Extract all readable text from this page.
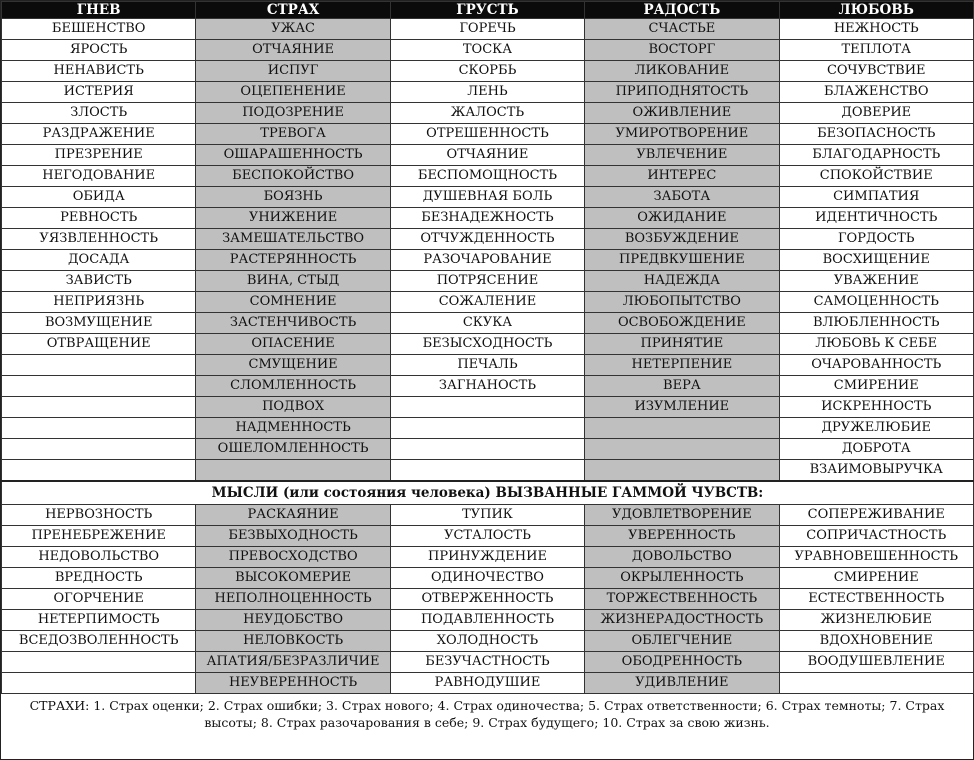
ГНЕВ	СТРАХ	ГРУСТЬ	РАДОСТЬ	ЛЮБОВЬ
БЕШЕНСТВО	УЖАС	ГОРЕЧЬ	СЧАСТЬЕ	НЕЖНОСТЬ
ЯРОСТЬ	ОТЧАЯНИЕ	ТОСКА	ВОСТОРГ	ТЕПЛОТА
НЕНАВИСТЬ	ИСПУГ	СКОРБЬ	ЛИКОВАНИЕ	СОЧУВСТВИЕ
ИСТЕРИЯ	ОЦЕПЕНЕНИЕ	ЛЕНЬ	ПРИПОДНЯТОСТЬ	БЛАЖЕНСТВО
ЗЛОСТЬ	ПОДОЗРЕНИЕ	ЖАЛОСТЬ	ОЖИВЛЕНИЕ	ДОВЕРИЕ
РАЗДРАЖЕНИЕ	ТРЕВОГА	ОТРЕШЕННОСТЬ	УМИРОТВОРЕНИЕ	БЕЗОПАСНОСТЬ
ПРЕЗРЕНИЕ	ОШАРАШЕННОСТЬ	ОТЧАЯНИЕ	УВЛЕЧЕНИЕ	БЛАГОДАРНОСТЬ
НЕГОДОВАНИЕ	БЕСПОКОЙСТВО	БЕСПОМОЩНОСТЬ	ИНТЕРЕС	СПОКОЙСТВИЕ
ОБИДА	БОЯЗНЬ	ДУШЕВНАЯ БОЛЬ	ЗАБОТА	СИМПАТИЯ
РЕВНОСТЬ	УНИЖЕНИЕ	БЕЗНАДЕЖНОСТЬ	ОЖИДАНИЕ	ИДЕНТИЧНОСТЬ
УЯЗВЛЕННОСТЬ	ЗАМЕШАТЕЛЬСТВО	ОТЧУЖДЕННОСТЬ	ВОЗБУЖДЕНИЕ	ГОРДОСТЬ
ДОСАДА	РАСТЕРЯННОСТЬ	РАЗОЧАРОВАНИЕ	ПРЕДВКУШЕНИЕ	ВОСХИЩЕНИЕ
ЗАВИСТЬ	ВИНА, СТЫД	ПОТРЯСЕНИЕ	НАДЕЖДА	УВАЖЕНИЕ
НЕПРИЯЗНЬ	СОМНЕНИЕ	СОЖАЛЕНИЕ	ЛЮБОПЫТСТВО	САМОЦЕННОСТЬ
ВОЗМУЩЕНИЕ	ЗАСТЕНЧИВОСТЬ	СКУКА	ОСВОБОЖДЕНИЕ	ВЛЮБЛЕННОСТЬ
ОТВРАЩЕНИЕ	ОПАСЕНИЕ	БЕЗЫСХОДНОСТЬ	ПРИНЯТИЕ	ЛЮБОВЬ К СЕБЕ
	СМУЩЕНИЕ	ПЕЧАЛЬ	НЕТЕРПЕНИЕ	ОЧАРОВАННОСТЬ
	СЛОМЛЕННОСТЬ	ЗАГНАНОСТЬ	ВЕРА	СМИРЕНИЕ
	ПОДВОХ		ИЗУМЛЕНИЕ	ИСКРЕННОСТЬ
	НАДМЕННОСТЬ			ДРУЖЕЛЮБИЕ
	ОШЕЛОМЛЕННОСТЬ			ДОБРОТА
				ВЗАИМОВЫРУЧКА
МЫСЛИ (или состояния человека) ВЫЗВАННЫЕ ГАММОЙ ЧУВСТВ:				
НЕРВОЗНОСТЬ	РАСКАЯНИЕ	ТУПИК	УДОВЛЕТВОРЕНИЕ	СОПЕРЕЖИВАНИЕ
ПРЕНЕБРЕЖЕНИЕ	БЕЗВЫХОДНОСТЬ	УСТАЛОСТЬ	УВЕРЕННОСТЬ	СОПРИЧАСТНОСТЬ
НЕДОВОЛЬСТВО	ПРЕВОСХОДСТВО	ПРИНУЖДЕНИЕ	ДОВОЛЬСТВО	УРАВНОВЕШЕННОСТЬ
ВРЕДНОСТЬ	ВЫСОКОМЕРИЕ	ОДИНОЧЕСТВО	ОКРЫЛЕННОСТЬ	СМИРЕНИЕ
ОГОРЧЕНИЕ	НЕПОЛНОЦЕННОСТЬ	ОТВЕРЖЕННОСТЬ	ТОРЖЕСТВЕННОСТЬ	ЕСТЕСТВЕННОСТЬ
НЕТЕРПИМОСТЬ	НЕУДОБСТВО	ПОДАВЛЕННОСТЬ	ЖИЗНЕРАДОСТНОСТЬ	ЖИЗНЕЛЮБИЕ
ВСЕДОЗВОЛЕННОСТЬ	НЕЛОВКОСТЬ	ХОЛОДНОСТЬ	ОБЛЕГЧЕНИЕ	ВДОХНОВЕНИЕ
	АПАТИЯ/БЕЗРАЗЛИЧИЕ	БЕЗУЧАСТНОСТЬ	ОБОДРЕННОСТЬ	ВООДУШЕВЛЕНИЕ
	НЕУВЕРЕННОСТЬ	РАВНОДУШИЕ	УДИВЛЕНИЕ	
СТРАХИ: 1. Страх оценки; 2. Страх ошибки; 3. Страх нового; 4. Страх одиночества; 5. Страх ответственности; 6. Страх темноты; 7. Страх высоты; 8. Страх разочарования в себе; 9. Страх будущего; 10. Страх за свою жизнь.
